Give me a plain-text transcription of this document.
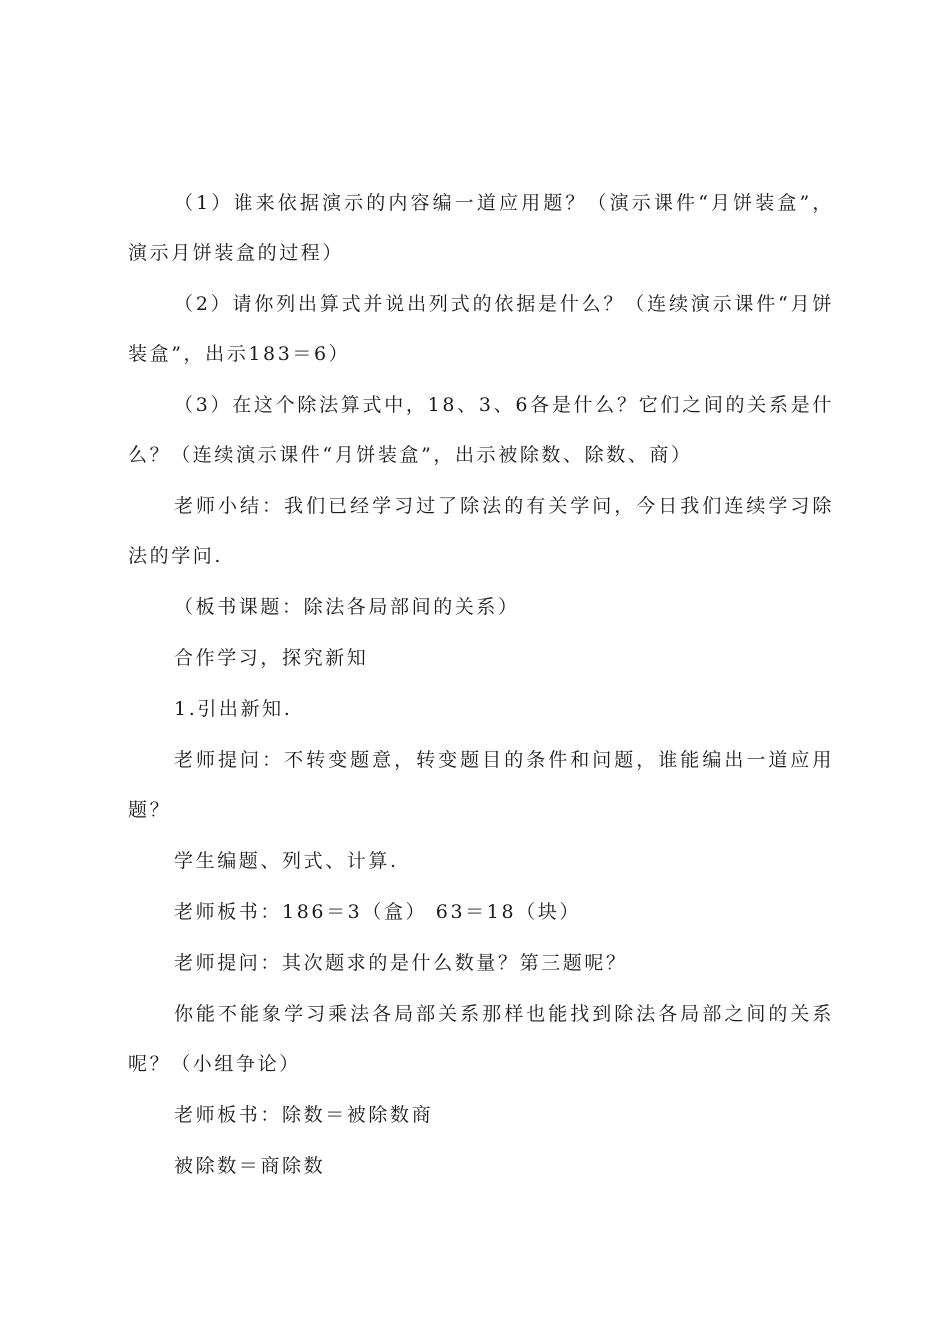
（1）谁来依据演示的内容编一道应用题？（演示课件“月饼装盒”，演示月饼装盒的过程）

（2）请你列出算式并说出列式的依据是什么？（连续演示课件“月饼装盒”，出示183＝6）

（3）在这个除法算式中，18、3、6各是什么？它们之间的关系是什么？（连续演示课件“月饼装盒”，出示被除数、除数、商）

老师小结：我们已经学习过了除法的有关学问，今日我们连续学习除法的学问.

（板书课题：除法各局部间的关系）

合作学习，探究新知

1.引出新知.

老师提问：不转变题意，转变题目的条件和问题，谁能编出一道应用题？

学生编题、列式、计算.

老师板书：186＝3（盒） 63＝18（块）

老师提问：其次题求的是什么数量？第三题呢？

你能不能象学习乘法各局部关系那样也能找到除法各局部之间的关系呢？（小组争论）

老师板书：除数＝被除数商

被除数＝商除数
